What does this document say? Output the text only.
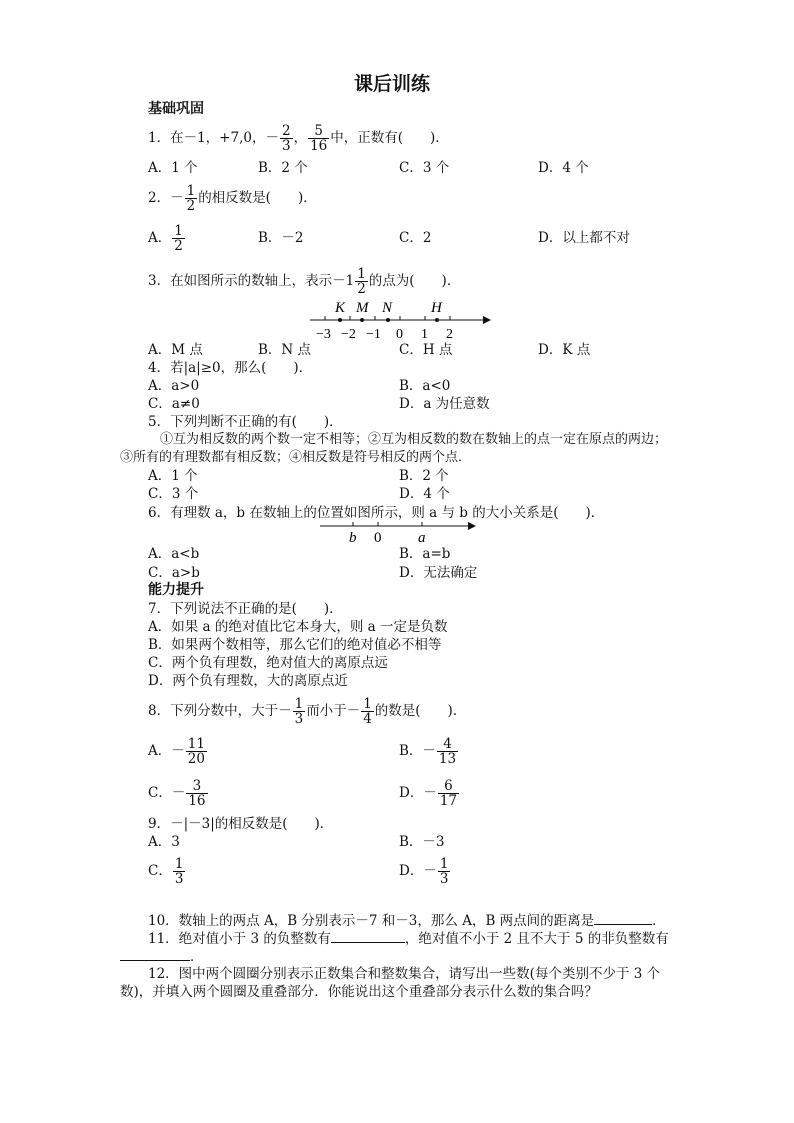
课后训练
基础巩固
1．在－1，+7,0，－ $\frac{2}{3}$ ， $\frac{5}{16}$ 中，正数有(　　)．
A．1 个	B．2 个	C．3 个	D．4 个
2．－ $\frac{1}{2}$ 的相反数是(　　)．
A． $\frac{1}{2}$	B．－2	C．2	D．以上都不对
3．在如图所示的数轴上，表示$-1 \frac{1}{2}$ 的点为(　　)．
K M N	H
−3 −2 −1 0 1 2
A．M 点	B．N 点	C．H 点	D．K 点
4．若|a|≥0，那么(　　)．
A．a>0	B．a<0
C．a≠0	D．a 为任意数
5．下列判断不正确的有(　　)．
①互为相反数的两个数一定不相等；②互为相反数的数在数轴上的点一定在原点的两边；
③所有的有理数都有相反数；④相反数是符号相反的两个点．
A．1 个	B．2 个
C．3 个	D．4 个
6．有理数 a，b 在数轴上的位置如图所示，则 a 与 b 的大小关系是(　　)．
b 0 a
A．a<b	B．a=b
C．a>b	D．无法确定
能力提升
7．下列说法不正确的是(　　)．
A．如果 a 的绝对值比它本身大，则 a 一定是负数
B．如果两个数相等，那么它们的绝对值必不相等
C．两个负有理数，绝对值大的离原点远
D．两个负有理数，大的离原点近
8．下列分数中，大于－ $\frac{1}{3}$ 而小于－ $\frac{1}{4}$ 的数是(　　)．
A．－ $\frac{11}{20}$	B．－ $\frac{4}{13}$
C．－ $\frac{3}{16}$	D．－ $\frac{6}{17}$
9．－|－3|的相反数是(　　)．
A．3	B．－3
C． $\frac{1}{3}$	D．－ $\frac{1}{3}$
10．数轴上的两点 A，B 分别表示－7 和－3，那么 A，B 两点间的距离是	．
11．绝对值小于 3 的负整数有	，绝对值不小于 2 且不大于 5 的非负整数有
．
12．图中两个圆圈分别表示正数集合和整数集合，请写出一些数(每个类别不少于 3 个
数)，并填入两个圆圈及重叠部分．你能说出这个重叠部分表示什么数的集合吗？
